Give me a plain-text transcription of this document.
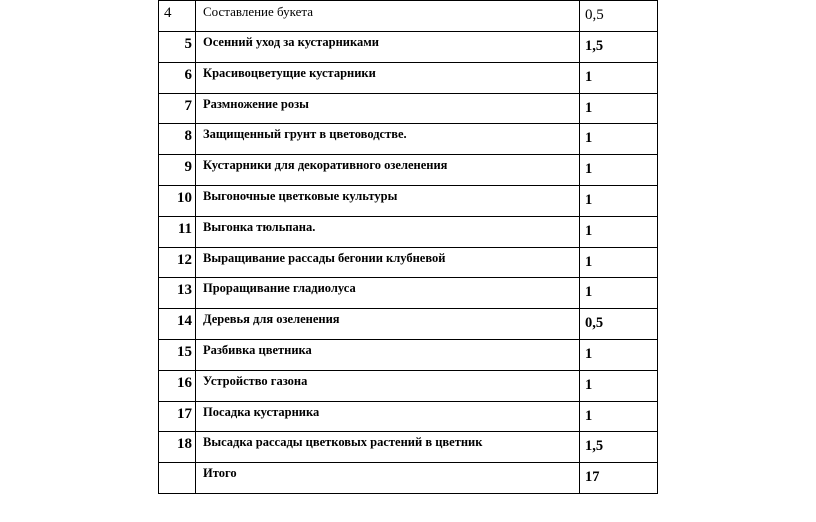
4	Составление букета	0,5
5	Осенний уход за кустарниками	1,5
6	Красивоцветущие кустарники	1
7	Размножение розы	1
8	Защищенный грунт в цветоводстве.	1
9	Кустарники для декоративного озеленения	1
10	Выгоночные цветковые культуры	1
11	Выгонка тюльпана.	1
12	Выращивание рассады бегонии клубневой	1
13	Проращивание гладиолуса	1
14	Деревья для озеленения	0,5
15	Разбивка цветника	1
16	Устройство газона	1
17	Посадка кустарника	1
18	Высадка рассады цветковых растений в цветник	1,5
	Итого	17
